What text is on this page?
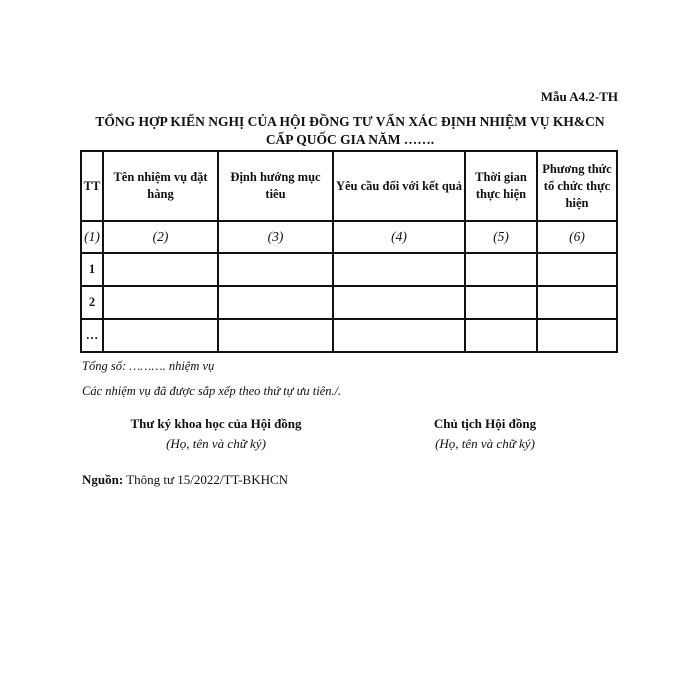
Mẫu A4.2-TH
TỔNG HỢP KIẾN NGHỊ CỦA HỘI ĐỒNG TƯ VẤN XÁC ĐỊNH NHIỆM VỤ KH&CN
CẤP QUỐC GIA NĂM …….
TT	Tên nhiệm vụ đặt hàng	Định hướng mục tiêu	Yêu cầu đối với kết quả	Thời gian thực hiện	Phương thức tổ chức thực hiện
(1)	(2)	(3)	(4)	(5)	(6)
1					
2					
…					
Tổng số: ………. nhiệm vụ
Các nhiệm vụ đã được sắp xếp theo thứ tự ưu tiên./.
Thư ký khoa học của Hội đồng
(Họ, tên và chữ ký)
Chủ tịch Hội đồng
(Họ, tên và chữ ký)
Nguồn: Thông tư 15/2022/TT-BKHCN
